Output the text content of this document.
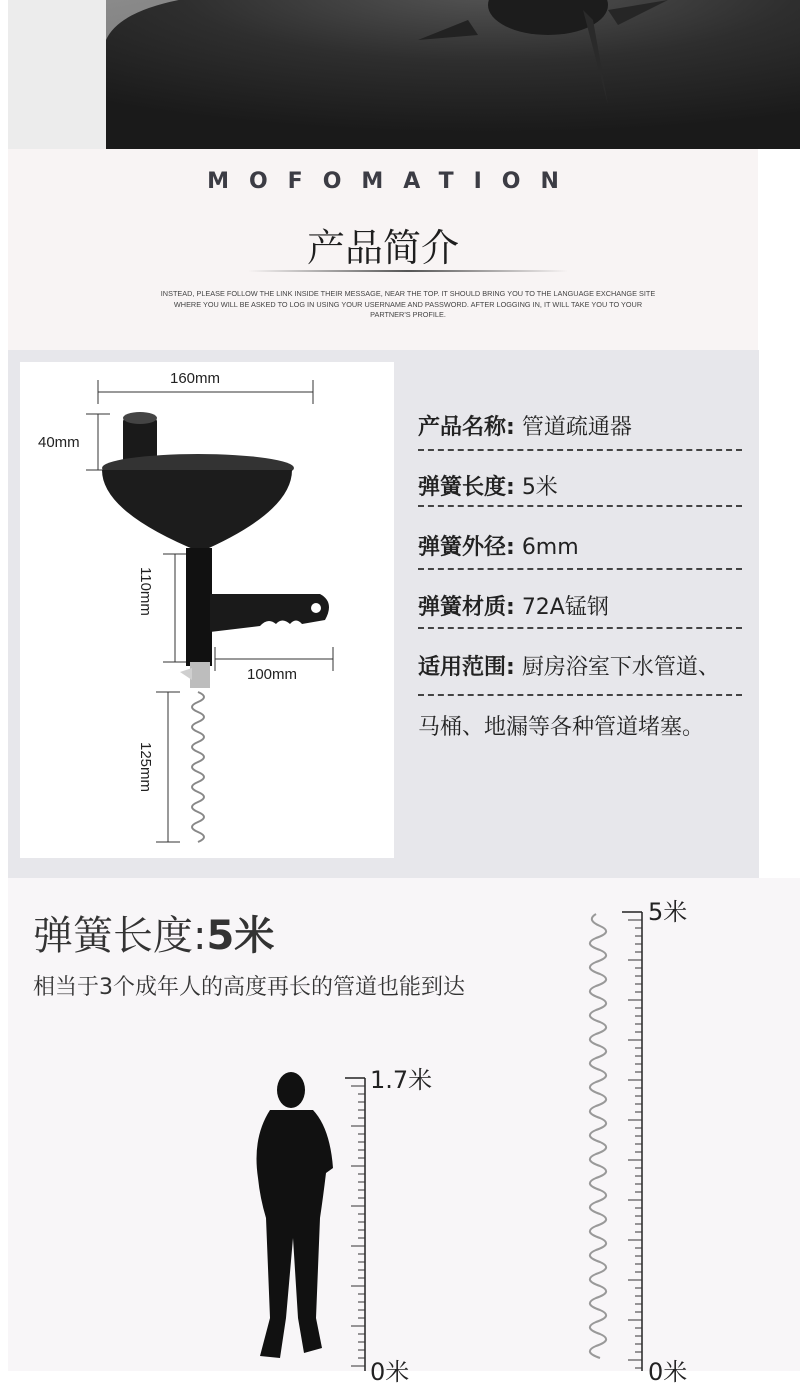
MOFOMATION
产品简介
INSTEAD, PLEASE FOLLOW THE LINK INSIDE THEIR MESSAGE, NEAR THE TOP. IT SHOULD BRING YOU TO THE LANGUAGE EXCHANGE SITE WHERE YOU WILL BE ASKED TO LOG IN USING YOUR USERNAME AND PASSWORD. AFTER LOGGING IN, IT WILL TAKE YOU TO YOUR PARTNER'S PROFILE.
160mm
40mm
110mm
100mm
125mm
产品名称: 管道疏通器
弹簧长度: 5米
弹簧外径: 6mm
弹簧材质: 72A锰钢
适用范围: 厨房浴室下水管道、
马桶、地漏等各种管道堵塞。
弹簧长度:5米
相当于3个成年人的高度再长的管道也能到达
1.7米
0米
5米
0米
